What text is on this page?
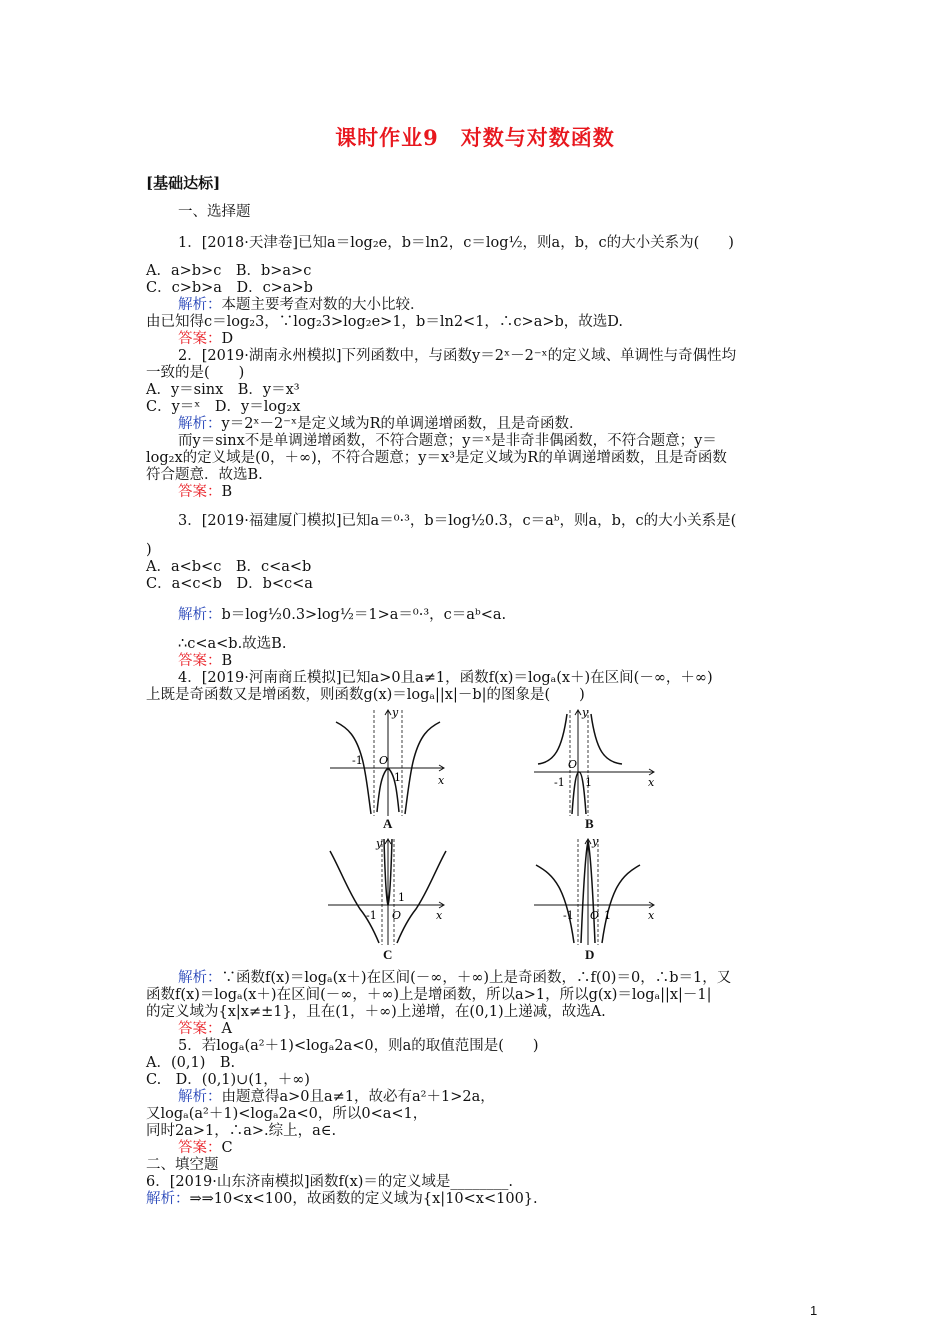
课时作业9　对数与对数函数
[基础达标]
一、选择题
1．[2018·天津卷]已知a＝log₂e，b＝ln2，c＝log½，则a，b，c的大小关系为(　　)
A．a>b>c　B．b>a>c
C．c>b>a　D．c>a>b
解析：本题主要考查对数的大小比较．
由已知得c＝log₂3，∵log₂3>log₂e>1，b＝ln2<1，∴c>a>b，故选D.
答案：D
2．[2019·湖南永州模拟]下列函数中，与函数y＝2ˣ－2⁻ˣ的定义域、单调性与奇偶性均
一致的是(　　)
A．y＝sinx　B．y＝x³
C．y＝ˣ　D．y＝log₂x
解析：y＝2ˣ－2⁻ˣ是定义域为R的单调递增函数，且是奇函数．
而y＝sinx不是单调递增函数，不符合题意；y＝ˣ是非奇非偶函数，不符合题意；y＝
log₂x的定义域是(0，＋∞)，不符合题意；y＝x³是定义域为R的单调递增函数，且是奇函数
符合题意．故选B.
答案：B
3．[2019·福建厦门模拟]已知a＝⁰·³，b＝log½0.3，c＝aᵇ，则a，b，c的大小关系是(
)
A．a<b<c　B．c<a<b
C．a<c<b　D．b<c<a
解析：b＝log½0.3>log½＝1>a＝⁰·³，c＝aᵇ<a.
∴c<a<b.故选B.
答案：B
4．[2019·河南商丘模拟]已知a>0且a≠1，函数f(x)＝logₐ(x＋)在区间(－∞，＋∞)
上既是奇函数又是增函数，则函数g(x)＝logₐ||x|－b|的图象是(　　)
-1 O
1	x
y
A
-1
O
1	x
y
B
-1 O
1
x
y
C
-1 O 1	x
y
D
解析：∵函数f(x)＝logₐ(x＋)在区间(－∞，＋∞)上是奇函数，∴f(0)＝0，∴b＝1，又
函数f(x)＝logₐ(x＋)在区间(－∞，＋∞)上是增函数，所以a>1，所以g(x)＝logₐ||x|－1|
的定义域为{x|x≠±1}，且在(1，＋∞)上递增，在(0,1)上递减，故选A.
答案：A
5．若logₐ(a²＋1)<logₐ2a<0，则a的取值范围是(　　)
A．(0,1)　B.
C.　D．(0,1)∪(1，＋∞)
解析：由题意得a>0且a≠1，故必有a²＋1>2a，
又logₐ(a²＋1)<logₐ2a<0，所以0<a<1，
同时2a>1，∴a>.综上，a∈.
答案：C
二、填空题
6．[2019·山东济南模拟]函数f(x)＝的定义域是________.
解析：⇒⇒10<x<100，故函数的定义域为{x|10<x<100}.
1
